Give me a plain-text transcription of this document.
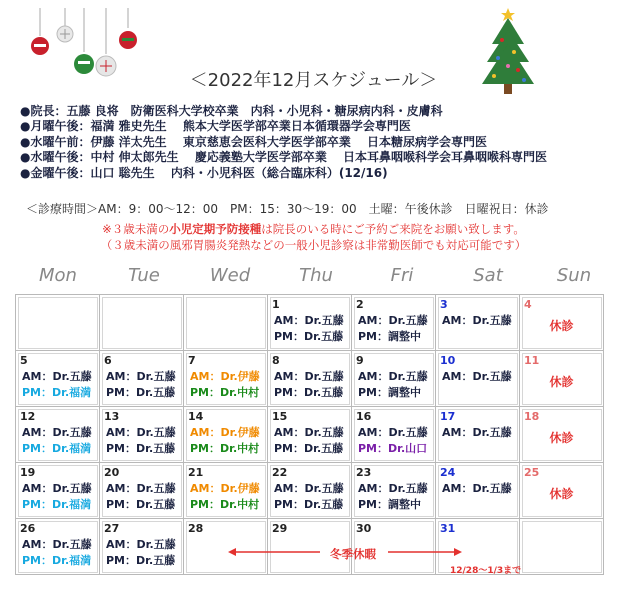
＜2022年12月スケジュール＞
●院長：五藤 良将　防衛医科大学校卒業　内科・小児科・糖尿病内科・皮膚科
●月曜午後：福満 雅史先生　 熊本大学医学部卒業日本循環器学会専門医
●水曜午前：伊藤 洋太先生　 東京慈恵会医科大学医学部卒業　 日本糖尿病学会専門医
●水曜午後：中村 伸太郎先生　 慶応義塾大学医学部卒業　 日本耳鼻咽喉科学会耳鼻咽喉科専門医
●金曜午後：山口 聡先生　 内科・小児科医（総合臨床科）(12/16)
＜診療時間＞AM：9：00～12：00　PM：15：30～19：00　土曜：午後休診　日曜祝日：休診
※３歳未満の小児定期予防接種は院長のいる時にご予約ご来院をお願い致します。
（３歳未満の風邪胃腸炎発熱などの一般小児診察は非常勤医師でも対応可能です）
Mon	Tue	Wed	Thu	Fri	Sat	Sun

			1
AM：Dr.五藤
PM：Dr.五藤	2
AM：Dr.五藤
PM：調整中	3
AM：Dr.五藤	4
休診

5
AM：Dr.五藤
PM：Dr.福満	6
AM：Dr.五藤
PM：Dr.五藤	7
AM：Dr.伊藤
PM：Dr.中村	8
AM：Dr.五藤
PM：Dr.五藤	9
AM：Dr.五藤
PM：調整中	10
AM：Dr.五藤	11
休診

12
AM：Dr.五藤
PM：Dr.福満	13
AM：Dr.五藤
PM：Dr.五藤	14
AM：Dr.伊藤
PM：Dr.中村	15
AM：Dr.五藤
PM：Dr.五藤	16
AM：Dr.五藤
PM：Dr.山口	17
AM：Dr.五藤	18
休診

19
AM：Dr.五藤
PM：Dr.福満	20
AM：Dr.五藤
PM：Dr.五藤	21
AM：Dr.伊藤
PM：Dr.中村	22
AM：Dr.五藤
PM：Dr.五藤	23
AM：Dr.五藤
PM：調整中	24
AM：Dr.五藤	25
休診

26
AM：Dr.五藤
PM：Dr.福満	27
AM：Dr.五藤
PM：Dr.五藤	28	29	30	31	

冬季休暇
12/28～1/3まで
